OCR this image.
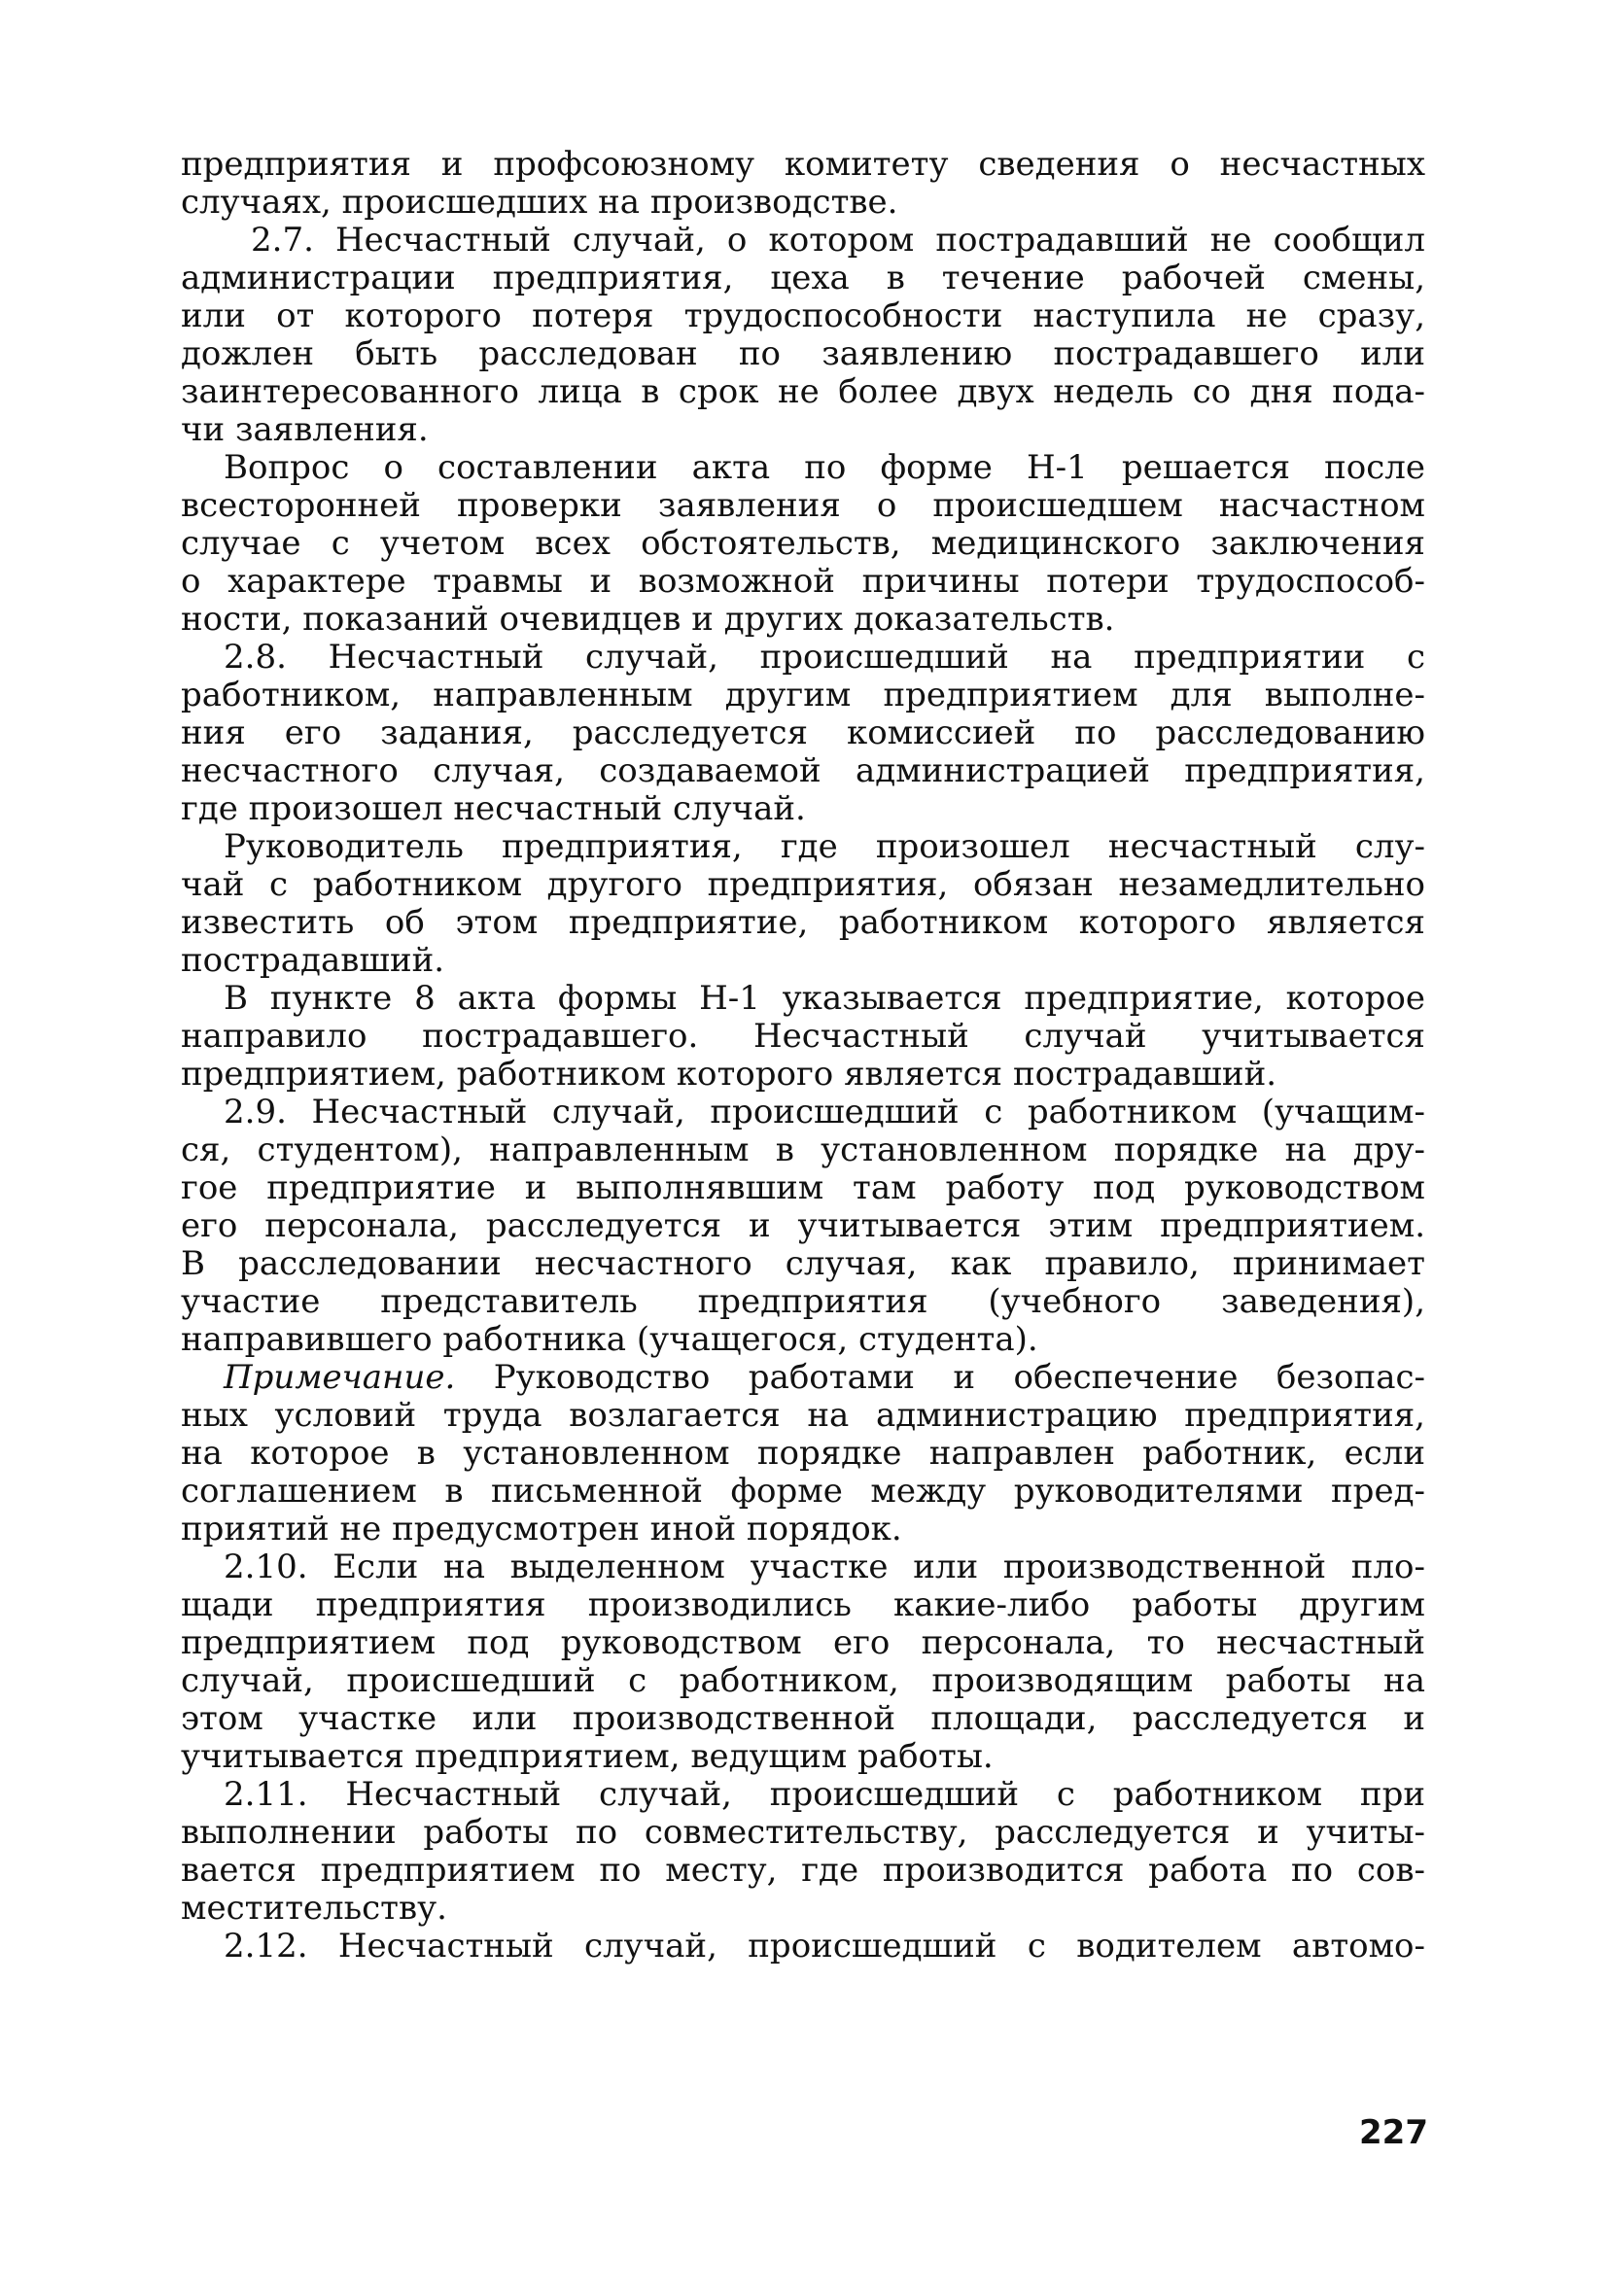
предприятия и профсоюзному комитету сведения о несчастных
случаях, происшедших на производстве.
2.7. Несчастный случай, о котором пострадавший не сообщил
администрации предприятия, цеха в течение рабочей смены,
или от которого потеря трудоспособности наступила не сразу,
дожлен быть расследован по заявлению пострадавшего или
заинтересованного лица в срок не более двух недель со дня пода-
чи заявления.
Вопрос о составлении акта по форме Н-1 решается после
всесторонней проверки заявления о происшедшем насчастном
случае с учетом всех обстоятельств, медицинского заключения
о характере травмы и возможной причины потери трудоспособ-
ности, показаний очевидцев и других доказательств.
2.8. Несчастный случай, происшедший на предприятии с
работником, направленным другим предприятием для выполне-
ния его задания, расследуется комиссией по расследованию
несчастного случая, создаваемой администрацией предприятия,
где произошел несчастный случай.
Руководитель предприятия, где произошел несчастный слу-
чай с работником другого предприятия, обязан незамедлительно
известить об этом предприятие, работником которого является
пострадавший.
В пункте 8 акта формы Н-1 указывается предприятие, которое
направило пострадавшего. Несчастный случай учитывается
предприятием, работником которого является пострадавший.
2.9. Несчастный случай, происшедший с работником (учащим-
ся, студентом), направленным в установленном порядке на дру-
гое предприятие и выполнявшим там работу под руководством
его персонала, расследуется и учитывается этим предприятием.
В расследовании несчастного случая, как правило, принимает
участие представитель предприятия (учебного заведения),
направившего работника (учащегося, студента).
Примечание. Руководство работами и обеспечение безопас-
ных условий труда возлагается на администрацию предприятия,
на которое в установленном порядке направлен работник, если
соглашением в письменной форме между руководителями пред-
приятий не предусмотрен иной порядок.
2.10. Если на выделенном участке или производственной пло-
щади предприятия производились какие-либо работы другим
предприятием под руководством его персонала, то несчастный
случай, происшедший с работником, производящим работы на
этом участке или производственной площади, расследуется и
учитывается предприятием, ведущим работы.
2.11. Несчастный случай, происшедший с работником при
выполнении работы по совместительству, расследуется и учиты-
вается предприятием по месту, где производится работа по сов-
местительству.
2.12. Несчастный случай, происшедший с водителем автомо-
227
